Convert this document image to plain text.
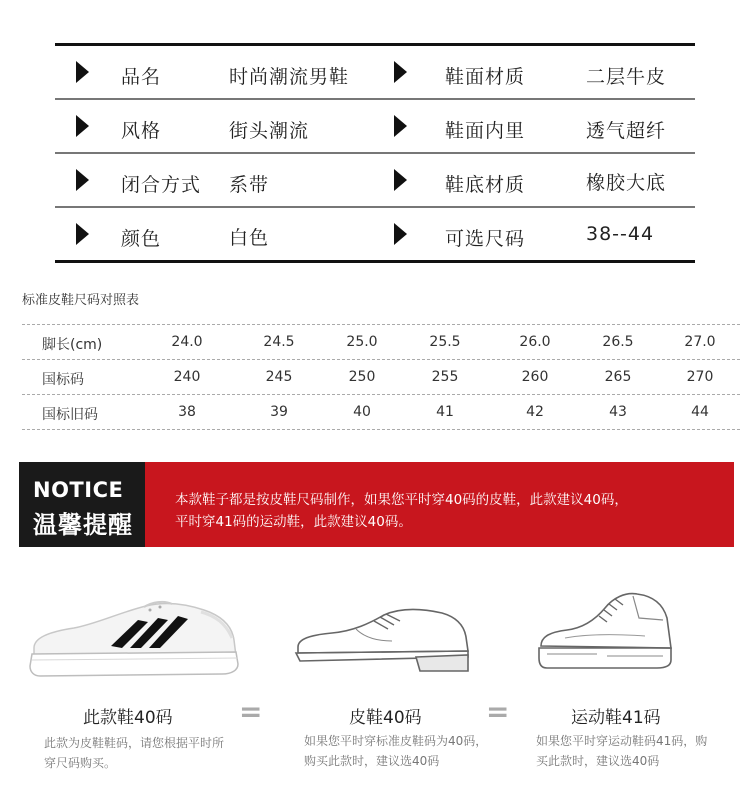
品名	时尚潮流男鞋	鞋面材质	二层牛皮
风格	街头潮流	鞋面内里	透气超纤
闭合方式 系带	鞋底材质	橡胶大底
颜色	白色	可选尺码	38--44
标准皮鞋尺码对照表
脚长(cm)	24.0	24.5	25.0	25.5	26.0	26.5	27.0
国标码	240	245	250	255	260	265	270
国标旧码	38	39	40	41	42	43	44
NOTICE
温馨提醒
本款鞋子都是按皮鞋尺码制作，如果您平时穿40码的皮鞋，此款建议40码，
平时穿41码的运动鞋，此款建议40码。
=	=
此款鞋40码
此款为皮鞋鞋码，请您根据平时所
穿尺码购买。
皮鞋40码
如果您平时穿标准皮鞋码为40码，
购买此款时，建议选40码
运动鞋41码
如果您平时穿运动鞋码41码，购
买此款时，建议选40码
